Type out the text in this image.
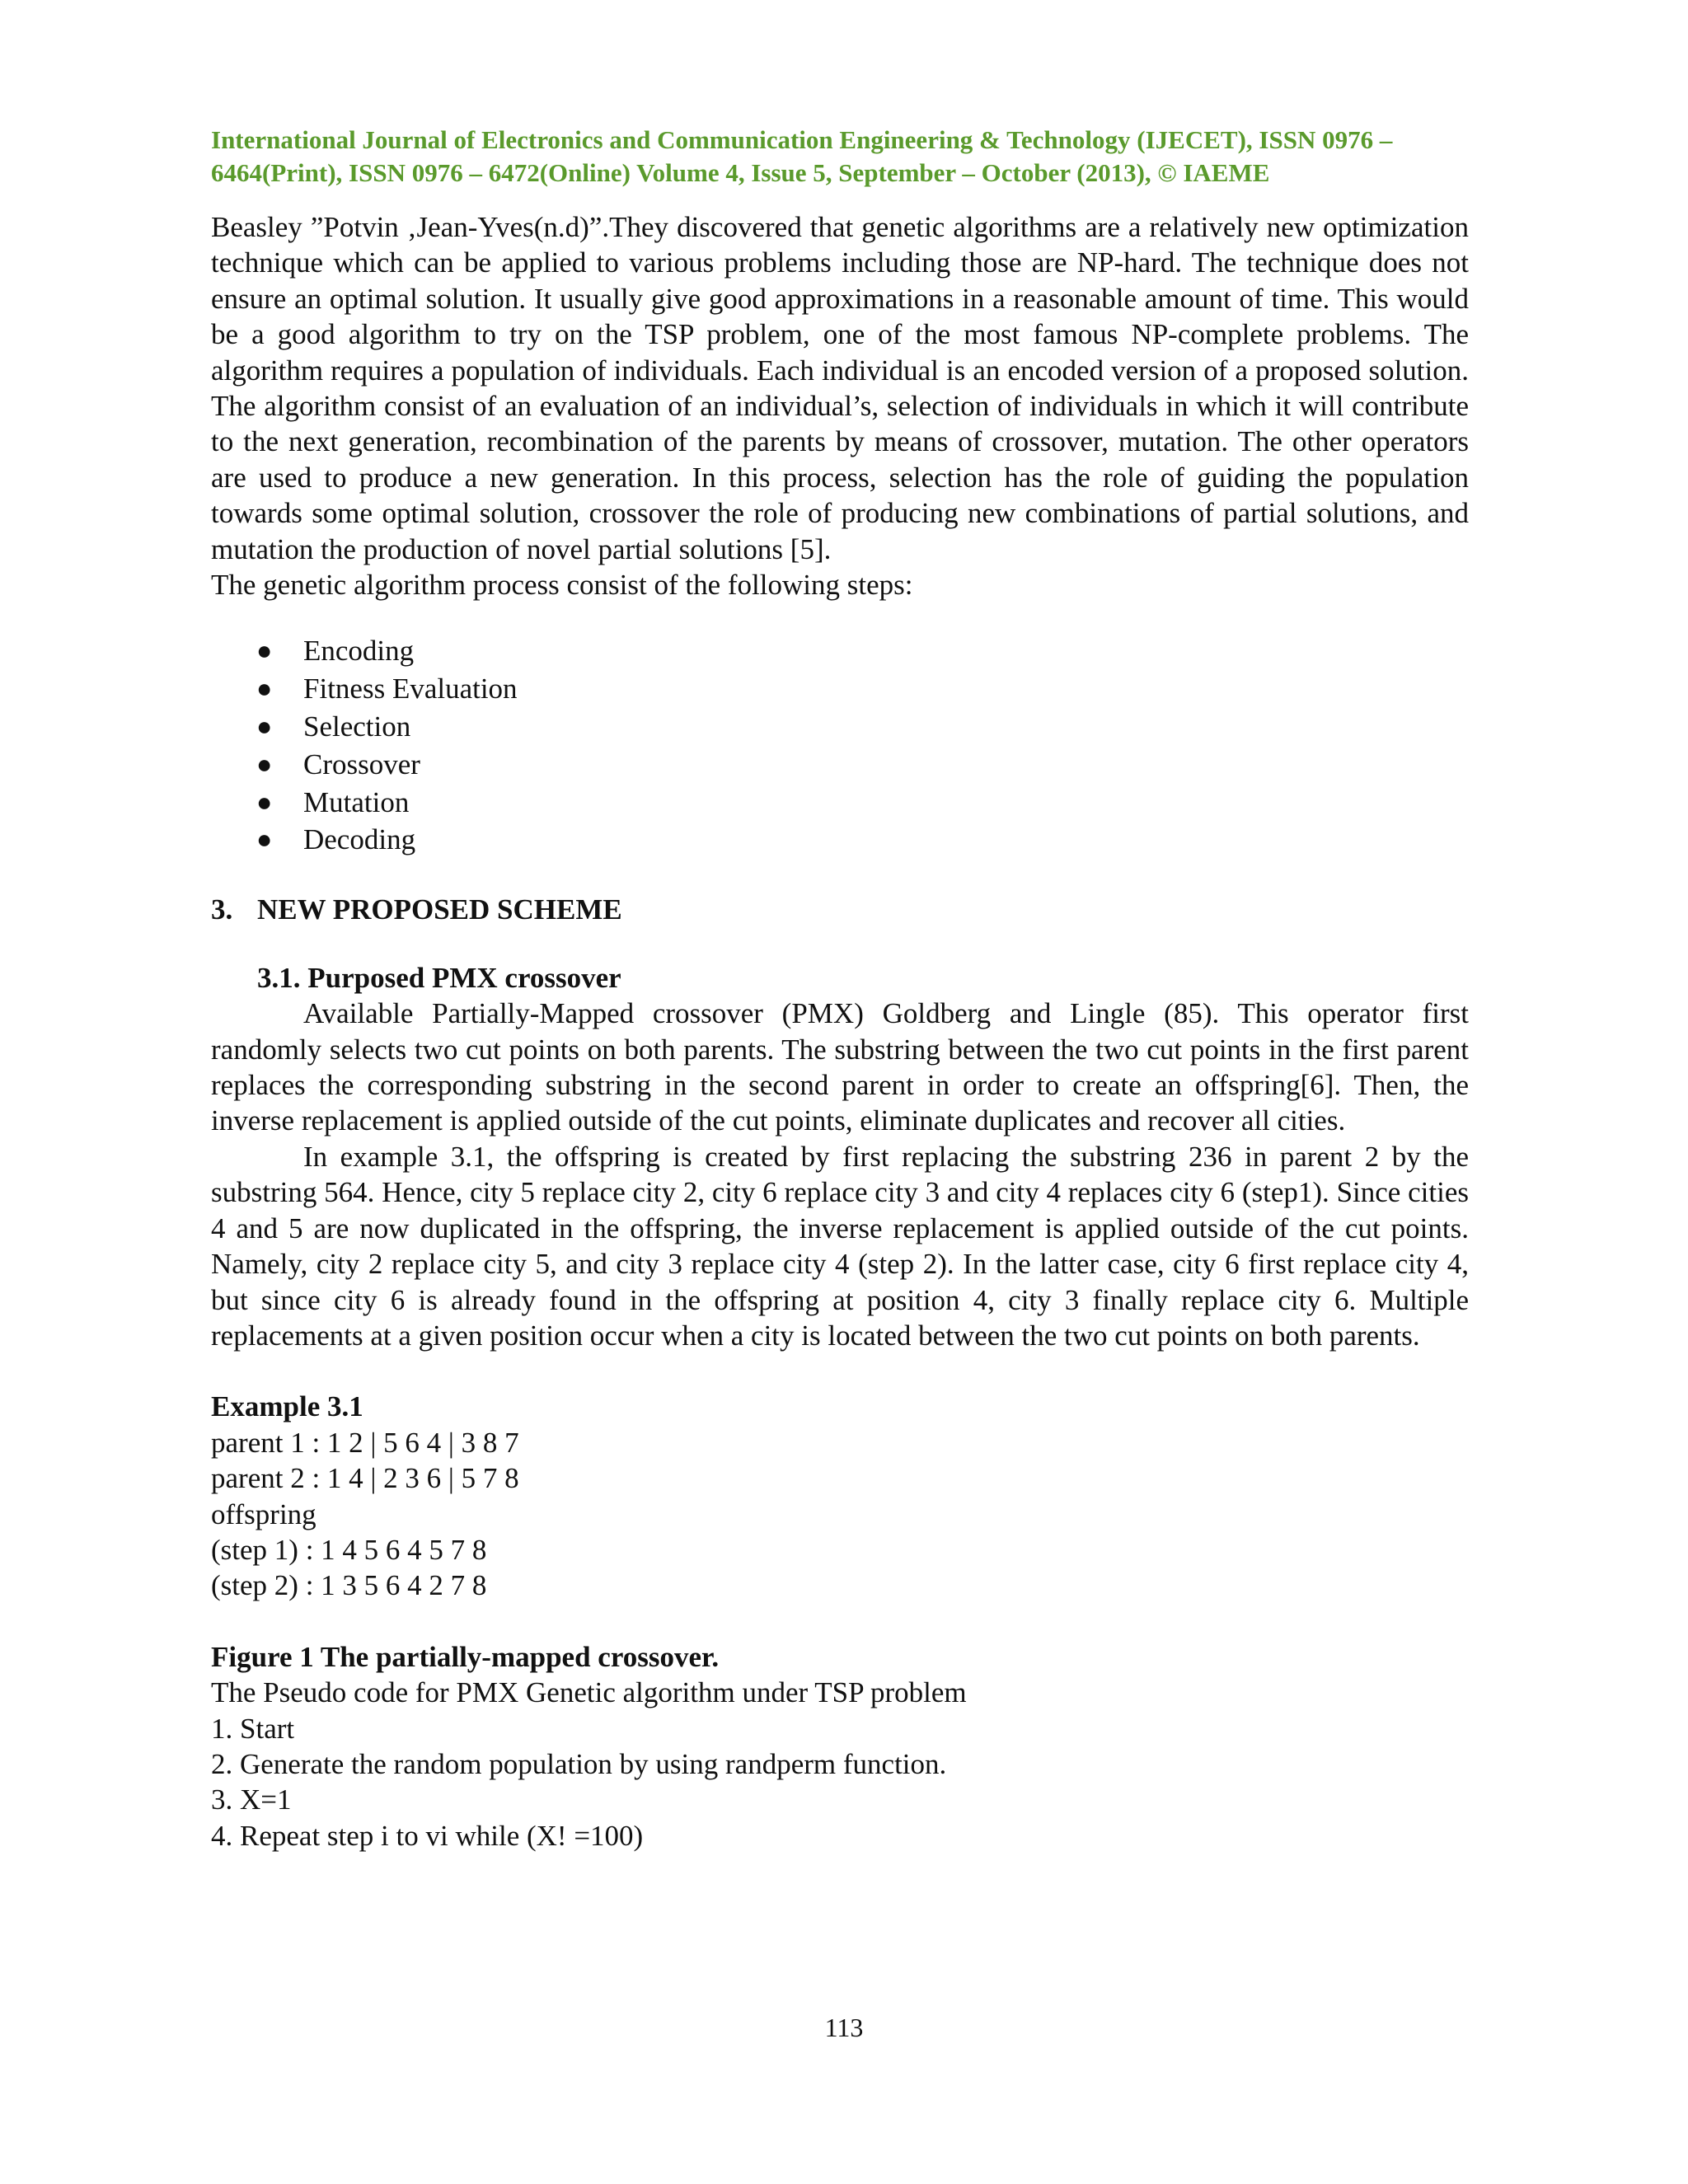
International Journal of Electronics and Communication Engineering & Technology (IJECET), ISSN 0976 –
6464(Print), ISSN 0976 – 6472(Online) Volume 4, Issue 5, September – October (2013), © IAEME

Beasley ”Potvin ‚Jean-Yves(n.d)”.They discovered that genetic algorithms are a relatively new optimization technique which can be applied to various problems including those are NP-hard. The technique does not ensure an optimal solution. It usually give good approximations in a reasonable amount of time. This would be a good algorithm to try on the TSP problem, one of the most famous NP-complete problems. The algorithm requires a population of individuals. Each individual is an encoded version of a proposed solution. The algorithm consist of an evaluation of an individual’s, selection of individuals in which it will contribute to the next generation, recombination of the parents by means of crossover, mutation. The other operators are used to produce a new generation. In this process, selection has the role of guiding the population towards some optimal solution, crossover the role of producing new combinations of partial solutions, and mutation the production of novel partial solutions [5].

The genetic algorithm process consist of the following steps:

● Encoding
● Fitness Evaluation
● Selection
● Crossover
● Mutation
● Decoding
3. NEW PROPOSED SCHEME
3.1. Purposed PMX crossover

Available Partially-Mapped crossover (PMX) Goldberg and Lingle (85). This operator first randomly selects two cut points on both parents. The substring between the two cut points in the first parent replaces the corresponding substring in the second parent in order to create an offspring[6]. Then, the inverse replacement is applied outside of the cut points, eliminate duplicates and recover all cities.

In example 3.1, the offspring is created by first replacing the substring 236 in parent 2 by the substring 564. Hence, city 5 replace city 2, city 6 replace city 3 and city 4 replaces city 6 (step1). Since cities 4 and 5 are now duplicated in the offspring, the inverse replacement is applied outside of the cut points. Namely, city 2 replace city 5, and city 3 replace city 4 (step 2). In the latter case, city 6 first replace city 4, but since city 6 is already found in the offspring at position 4, city 3 finally replace city 6. Multiple replacements at a given position occur when a city is located between the two cut points on both parents.

Example 3.1

parent 1 : 1 2 | 5 6 4 | 3 8 7

parent 2 : 1 4 | 2 3 6 | 5 7 8

offspring

(step 1) : 1 4 5 6 4 5 7 8

(step 2) : 1 3 5 6 4 2 7 8

Figure 1 The partially-mapped crossover.

The Pseudo code for PMX Genetic algorithm under TSP problem

1. Start

2. Generate the random population by using randperm function.

3. X=1

4. Repeat step i to vi while (X! =100)

113
